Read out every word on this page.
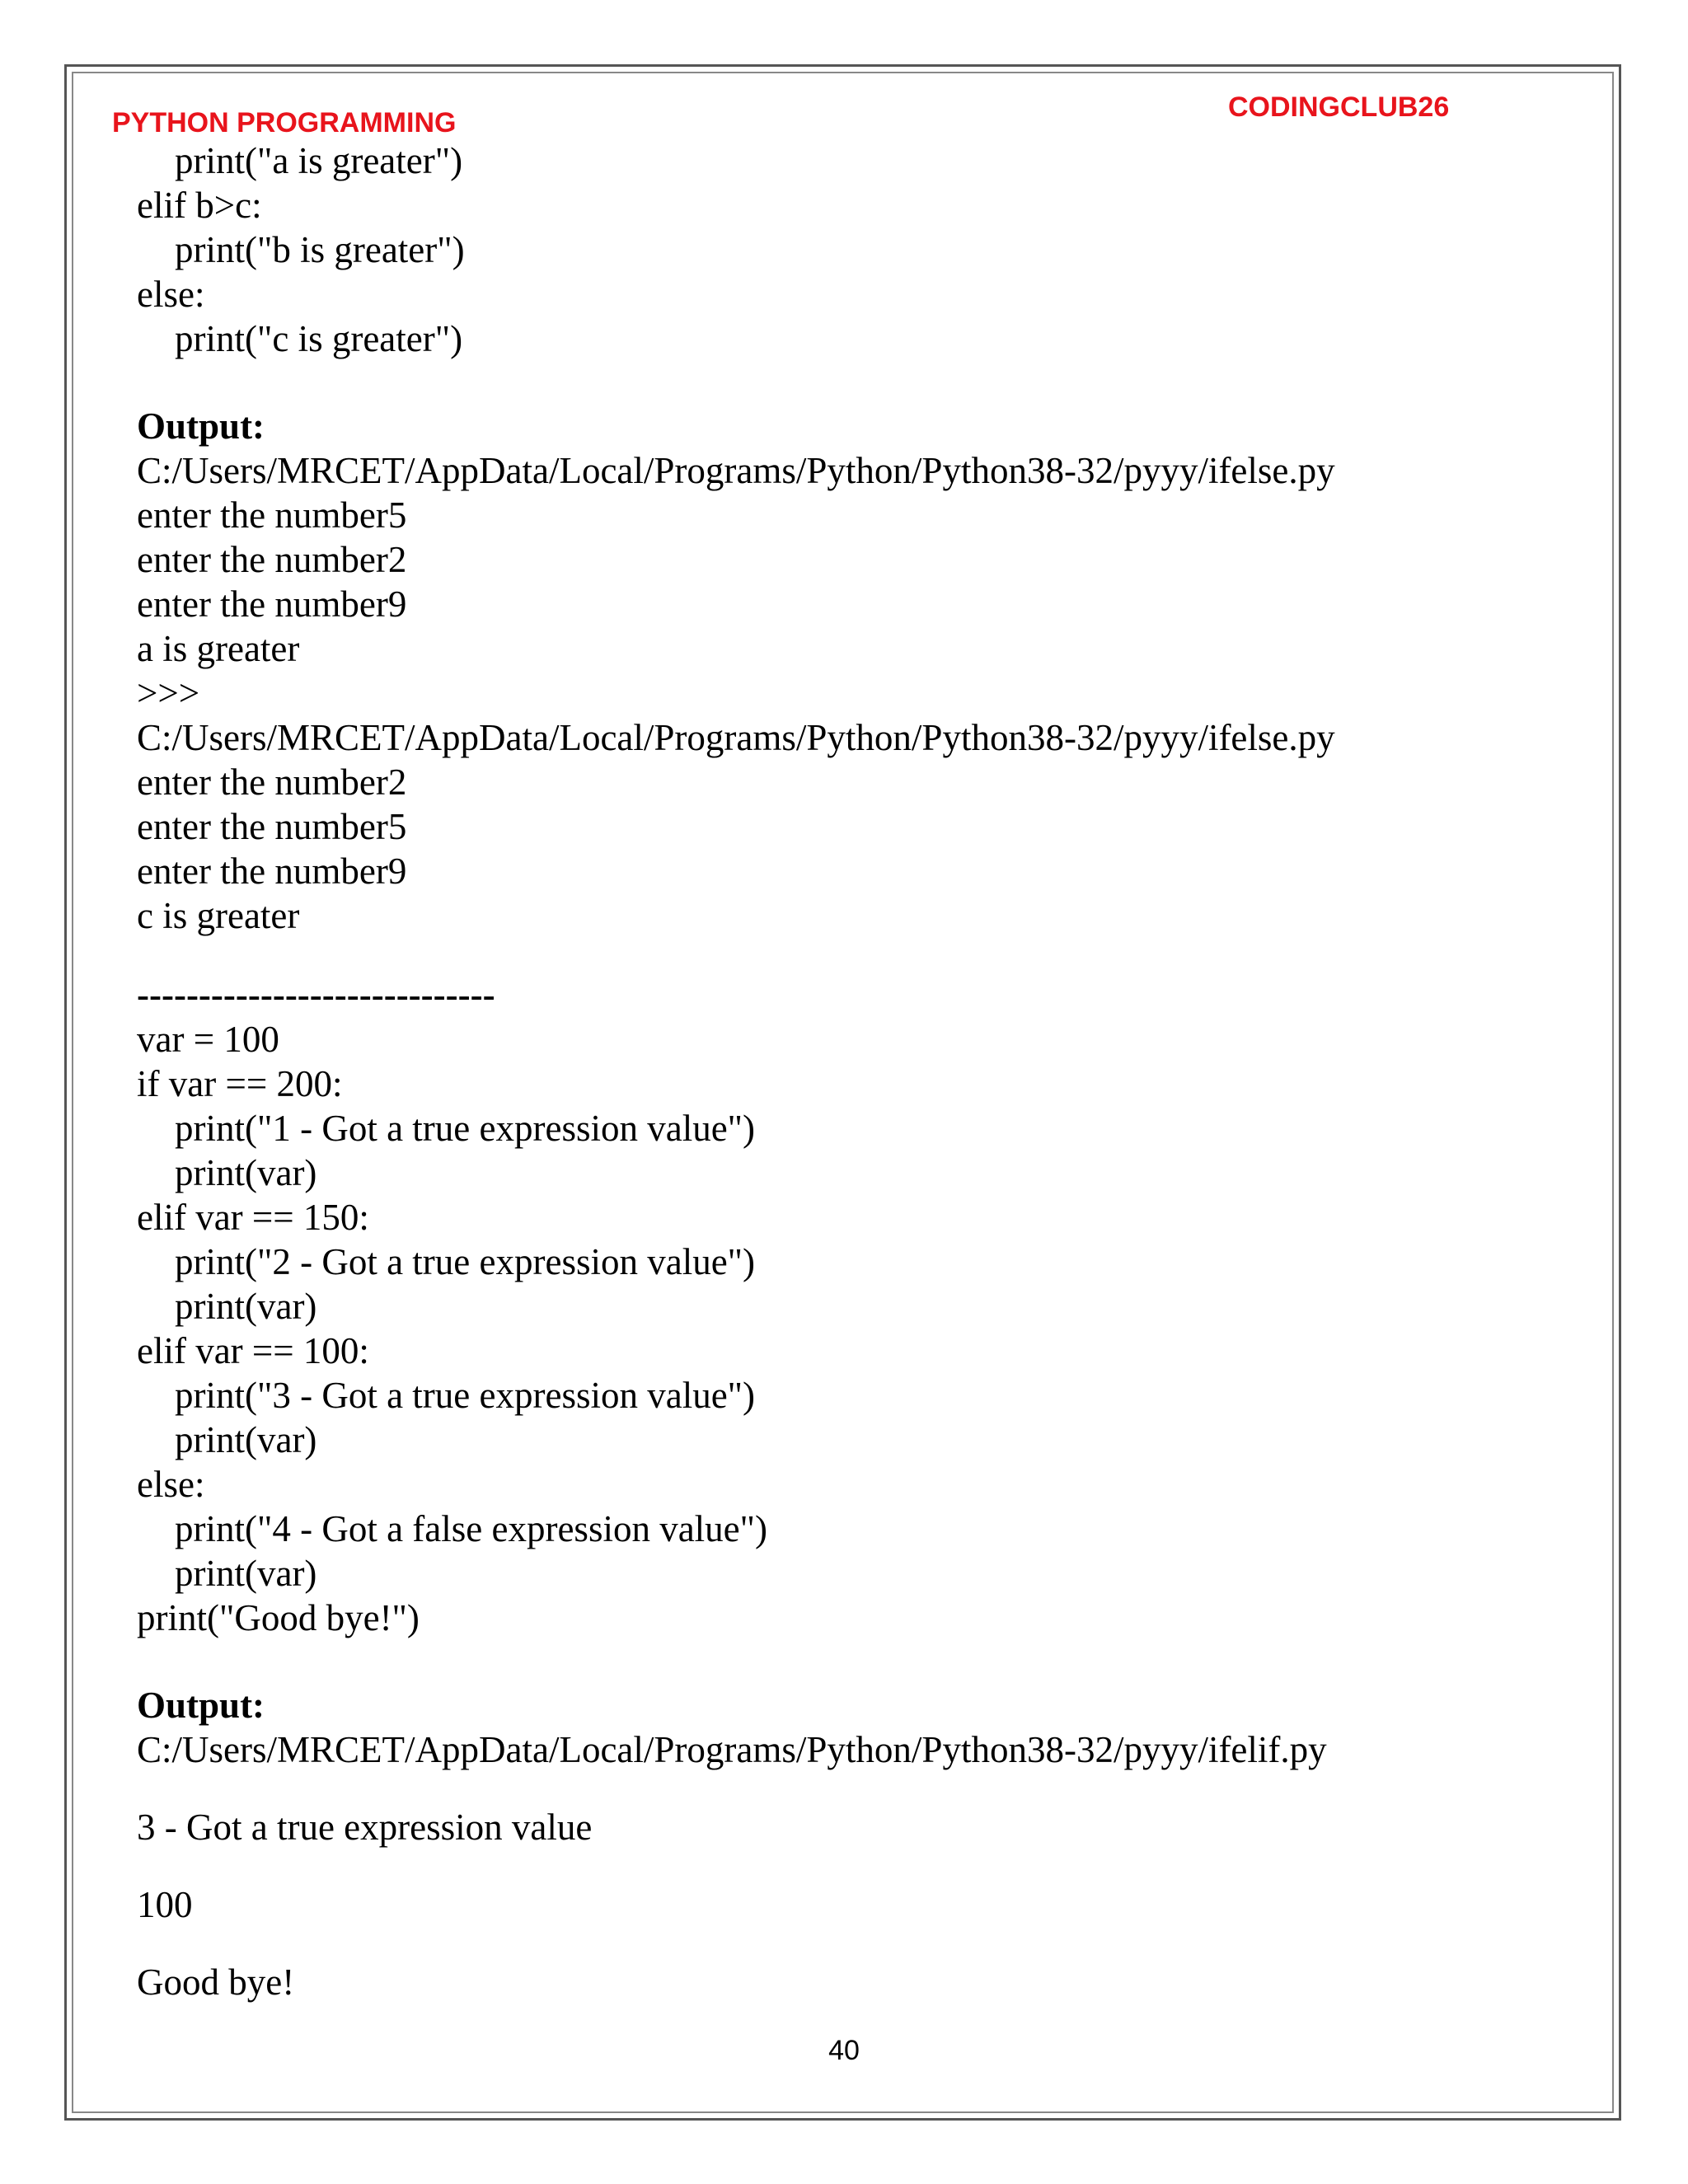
PYTHON PROGRAMMING	CODINGCLUB26
print("a is greater")
elif b>c:
print("b is greater")
else:
print("c is greater")
Output:
C:/Users/MRCET/AppData/Local/Programs/Python/Python38-32/pyyy/ifelse.py
enter the number5
enter the number2
enter the number9
a is greater
>>>
C:/Users/MRCET/AppData/Local/Programs/Python/Python38-32/pyyy/ifelse.py
enter the number2
enter the number5
enter the number9
c is greater
-----------------------------
var = 100
if var == 200:
print("1 - Got a true expression value")
print(var)
elif var == 150:
print("2 - Got a true expression value")
print(var)
elif var == 100:
print("3 - Got a true expression value")
print(var)
else:
print("4 - Got a false expression value")
print(var)
print("Good bye!")
Output:
C:/Users/MRCET/AppData/Local/Programs/Python/Python38-32/pyyy/ifelif.py
3 - Got a true expression value
100
Good bye!
40
